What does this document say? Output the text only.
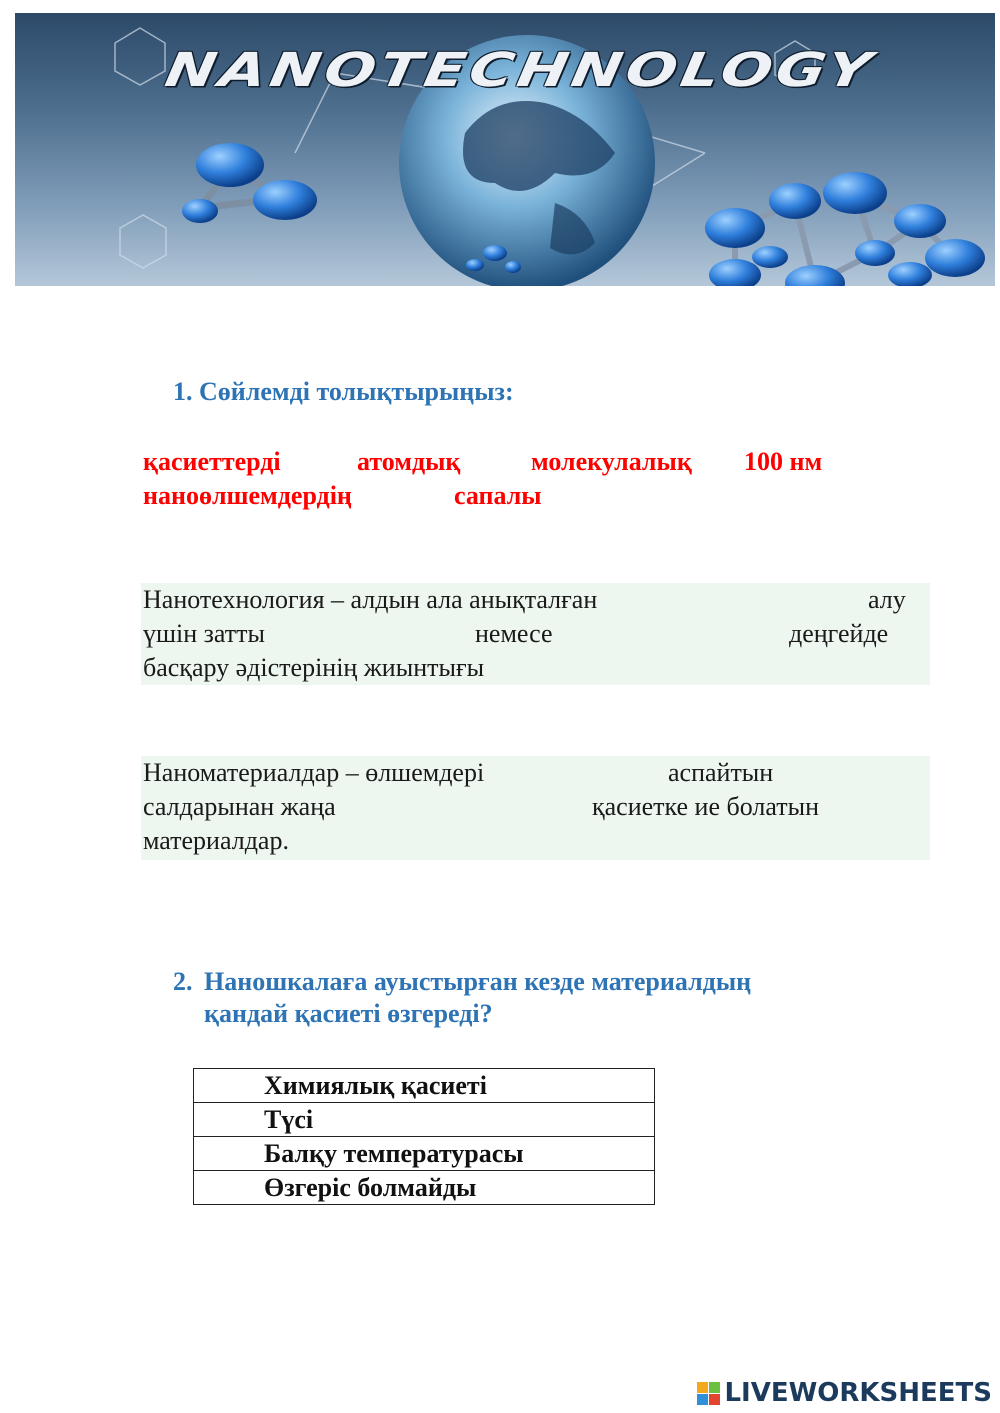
NANOTECHNOLOGY
1. Сөйлемді толықтырыңыз:
қасиеттерді	атомдық	молекулалық 100 нм
наноөлшемдердің	сапалы
Нанотехнология – алдын ала анықталған	алу
үшін затты	немесе	деңгейде
басқару әдістерінің жиынтығы
Наноматериалдар – өлшемдері	аспайтын
салдарынан жаңа	қасиетке ие болатын
материалдар.
2. Наношкалаға ауыстырған кезде материалдың
қандай қасиеті өзгереді?
Химиялық қасиеті
Түсі
Балқу температурасы
Өзгеріс болмайды
LIVEWORKSHEETS
